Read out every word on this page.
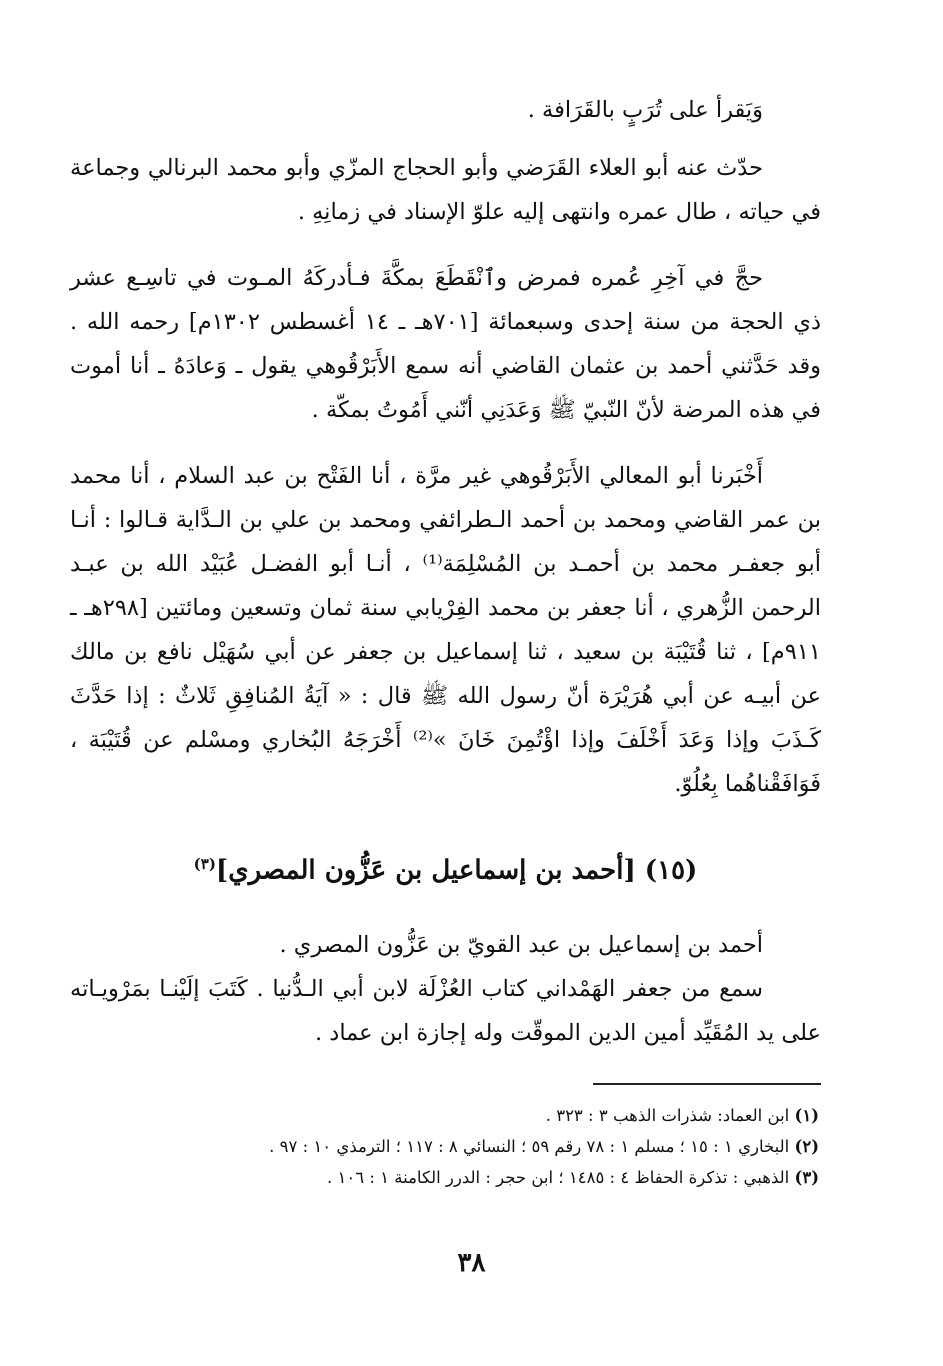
وَيَقرأ على تُرَبٍ بالقَرَافة .

حدّث عنه أبو العلاء القَرَضي وأبو الحجاج المزّي وأبو محمد البرنالي وجماعة في حياته ، طال عمره وانتهى إليه علوّ الإسناد في زمانِهِ .

حجَّ في آخِرِ عُمره فمرض وٱنْقَطَعَ بمكَّةَ فـأدركَهُ المـوت في تاسِـع عشر ذي الحجة من سنة إحدى وسبعمائة [٧٠١هـ ـ ١٤ أغسطس ١٣٠٢م] رحمه الله . وقد حَدَّثني أحمد بن عثمان القاضي أنه سمع الأَبَرْقُوهي يقول ـ وَعادَهُ ـ أنا أموت في هذه المرضة لأنّ النّبيّ ﷺ وَعَدَنِي أنّني أَمُوتُ بمكّة .

أَخْبَرنا أبو المعالي الأَبَرْقُوهي غير مرَّة ، أنا الفَتْح بن عبد السلام ، أنا محمد بن عمر القاضي ومحمد بن أحمد الـطرائفي ومحمد بن علي بن الـدَّاية قـالوا : أنـا أبو جعفـر محمد بن أحمـد بن المُسْلِمَة⁽¹⁾ ، أنـا أبو الفضـل عُبَيْد الله بن عبـد الرحمن الزُّهري ، أنا جعفر بن محمد الفِرْيابي سنة ثمان وتسعين ومائتين [٢٩٨هـ ـ ٩١١م] ، ثنا قُتَيْبَة بن سعيد ، ثنا إسماعيل بن جعفر عن أبي سُهَيْل نافع بن مالك عن أبيـه عن أبي هُرَيْرَة أنّ رسول الله ﷺ قال : « آيَةُ المُنافِقِ ثَلاثٌ : إذا حَدَّثَ كَـذَبَ وإذا وَعَدَ أَخْلَفَ وإذا اؤْتُمِنَ خَانَ »⁽²⁾ أَخْرَجَهُ البُخاري ومسْلم عن قُتَيْبَة ، فَوَافَقْناهُما بِعُلُوّ.

(١٥) [أحمد بن إسماعيل بن عَزُّون المصري]$^{(٣)}$

أحمد بن إسماعيل بن عبد القويّ بن عَزُّون المصري .

سمع من جعفر الهَمْداني كتاب العُزْلَة لابن أبي الـدُّنيا . كَتَبَ إلَيْنـا بمَرْويـاته على يد المُقَيِّد أمين الدين الموقّت وله إجازة ابن عماد .

(١) ابن العماد: شذرات الذهب ٣ : ٣٢٣ .

(٢) البخاري ١ : ١٥ ؛ مسلم ١ : ٧٨ رقم ٥٩ ؛ النسائي ٨ : ١١٧ ؛ الترمذي ١٠ : ٩٧ .

(٣) الذهبي : تذكرة الحفاظ ٤ : ١٤٨٥ ؛ ابن حجر : الدرر الكامنة ١ : ١٠٦ .

٣٨
